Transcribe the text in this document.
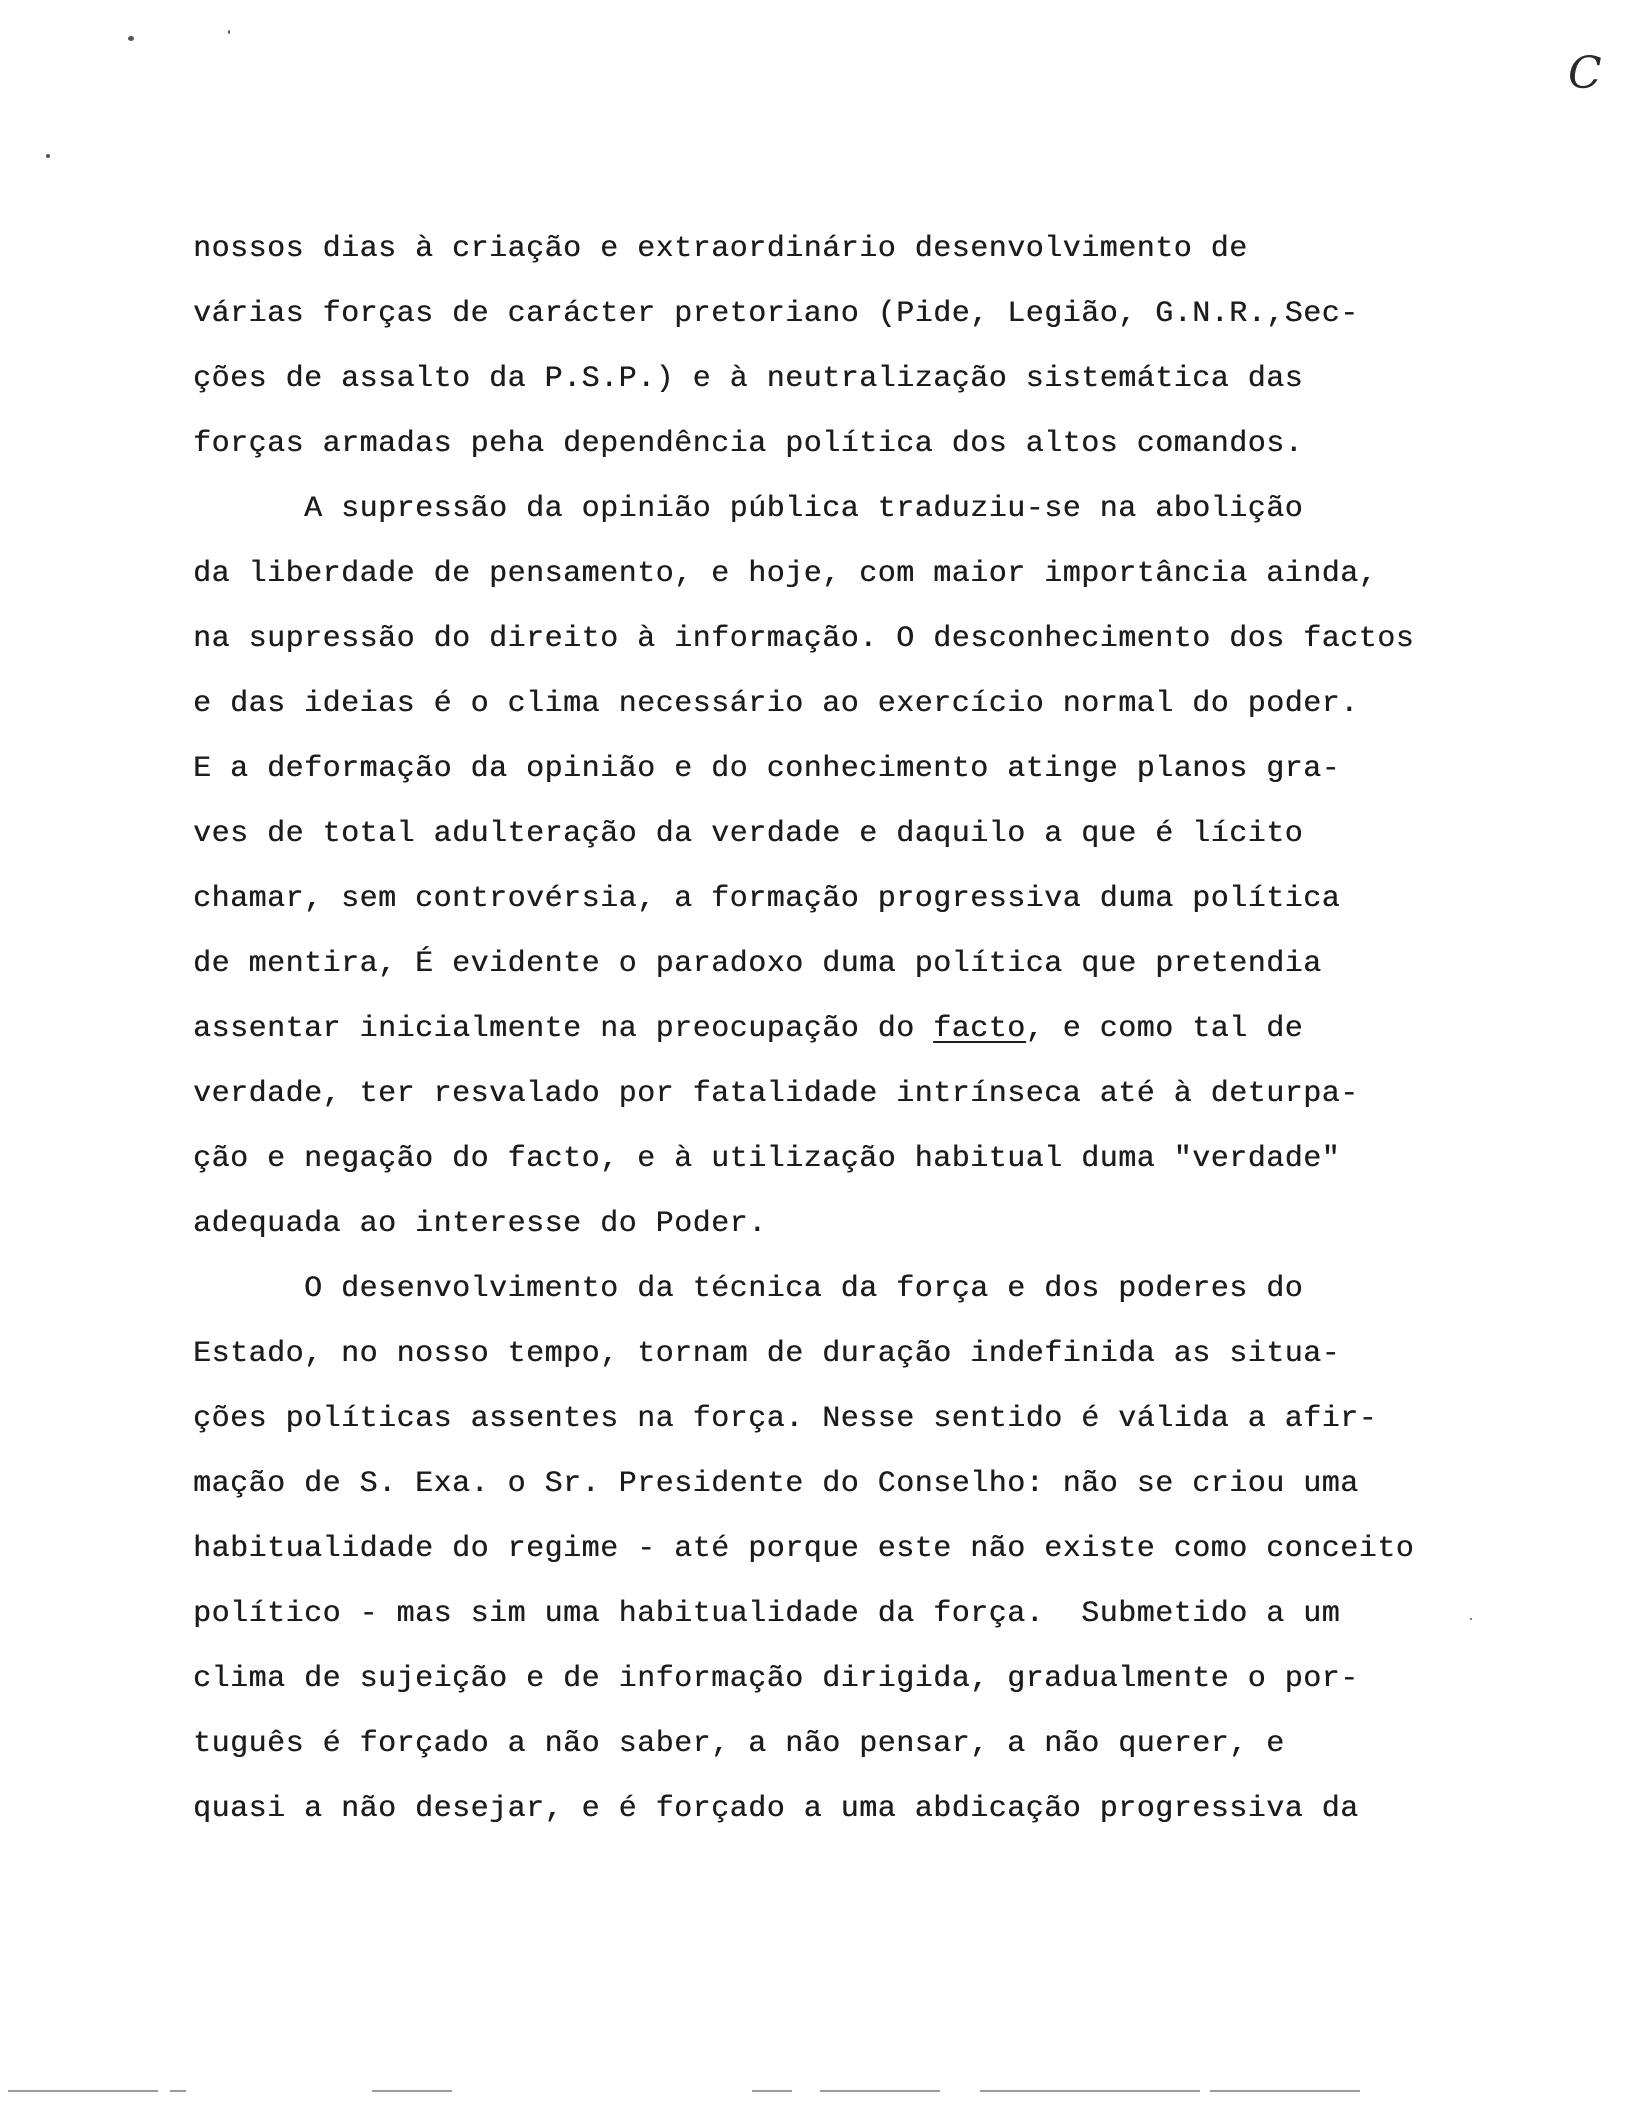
C
nossos dias à criação e extraordinário desenvolvimento de
várias forças de carácter pretoriano (Pide, Legião, G.N.R.,Sec-
ções de assalto da P.S.P.) e à neutralização sistemática das
forças armadas peha dependência política dos altos comandos.
A supressão da opinião pública traduziu-se na abolição
da liberdade de pensamento, e hoje, com maior importância ainda,
na supressão do direito à informação. O desconhecimento dos factos
e das ideias é o clima necessário ao exercício normal do poder.
E a deformação da opinião e do conhecimento atinge planos gra-
ves de total adulteração da verdade e daquilo a que é lícito
chamar, sem controvérsia, a formação progressiva duma política
de mentira, É evidente o paradoxo duma política que pretendia
assentar inicialmente na preocupação do facto, e como tal de
verdade, ter resvalado por fatalidade intrínseca até à deturpa-
ção e negação do facto, e à utilização habitual duma "verdade"
adequada ao interesse do Poder.
O desenvolvimento da técnica da força e dos poderes do
Estado, no nosso tempo, tornam de duração indefinida as situa-
ções políticas assentes na força. Nesse sentido é válida a afir-
mação de S. Exa. o Sr. Presidente do Conselho: não se criou uma
habitualidade do regime - até porque este não existe como conceito
político - mas sim uma habitualidade da força.  Submetido a um
clima de sujeição e de informação dirigida, gradualmente o por-
tuguês é forçado a não saber, a não pensar, a não querer, e
quasi a não desejar, e é forçado a uma abdicação progressiva da
